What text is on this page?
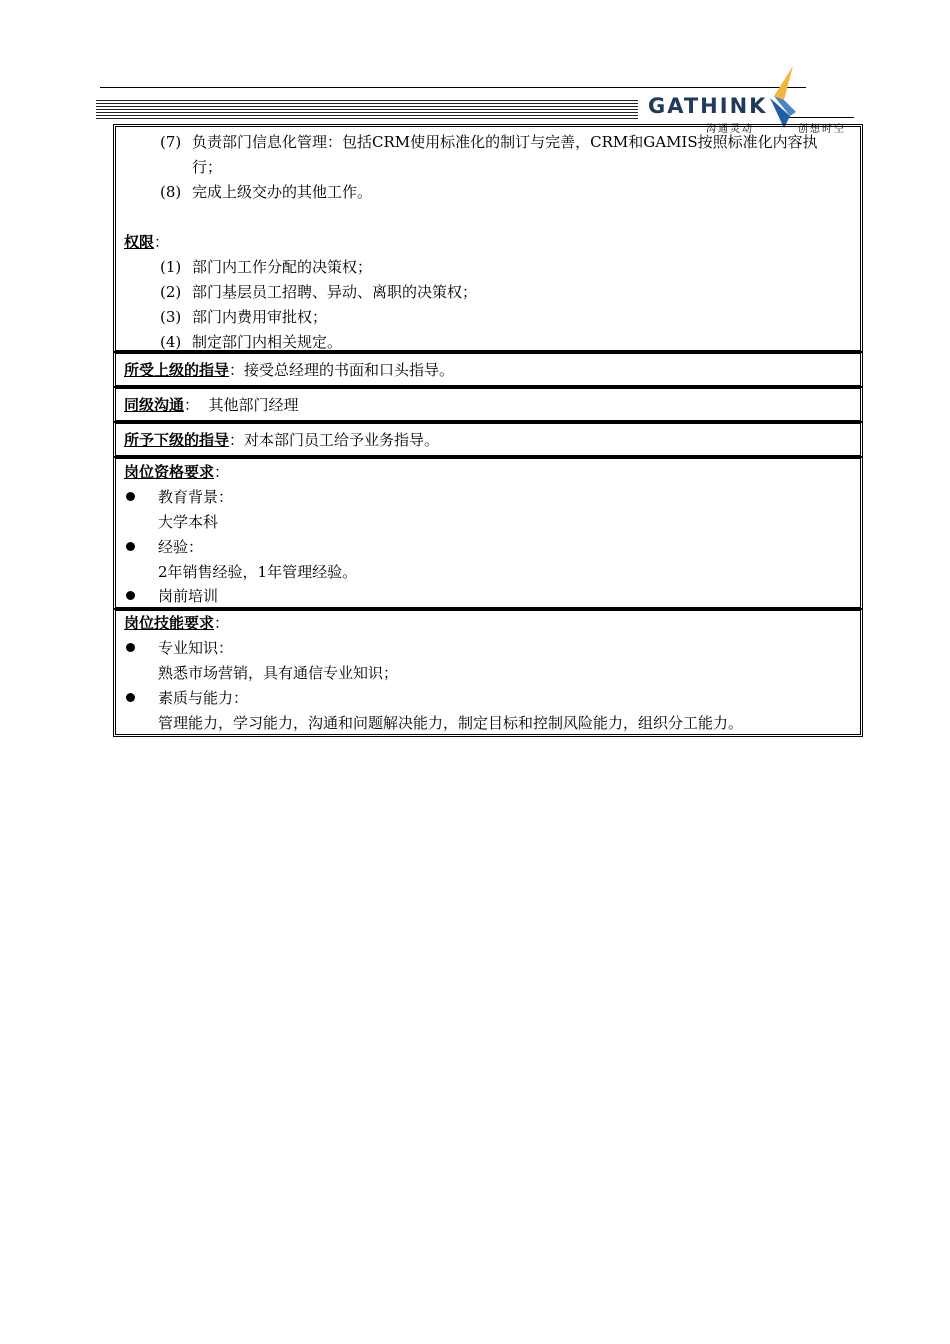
GATHINK
沟通灵动	创想时空
(7) 负责部门信息化管理：包括CRM使用标准化的制订与完善，CRM和GAMIS按照标准化内容执
行；
(8) 完成上级交办的其他工作。
权限：
(1) 部门内工作分配的决策权；
(2) 部门基层员工招聘、异动、离职的决策权；
(3) 部门内费用审批权；
(4) 制定部门内相关规定。
所受上级的指导：接受总经理的书面和口头指导。
同级沟通：  其他部门经理
所予下级的指导：对本部门员工给予业务指导。
岗位资格要求：
教育背景：
大学本科
经验：
2年销售经验，1年管理经验。
岗前培训
岗位技能要求：
专业知识：
熟悉市场营销，具有通信专业知识；
素质与能力：
管理能力，学习能力，沟通和问题解决能力，制定目标和控制风险能力，组织分工能力。
